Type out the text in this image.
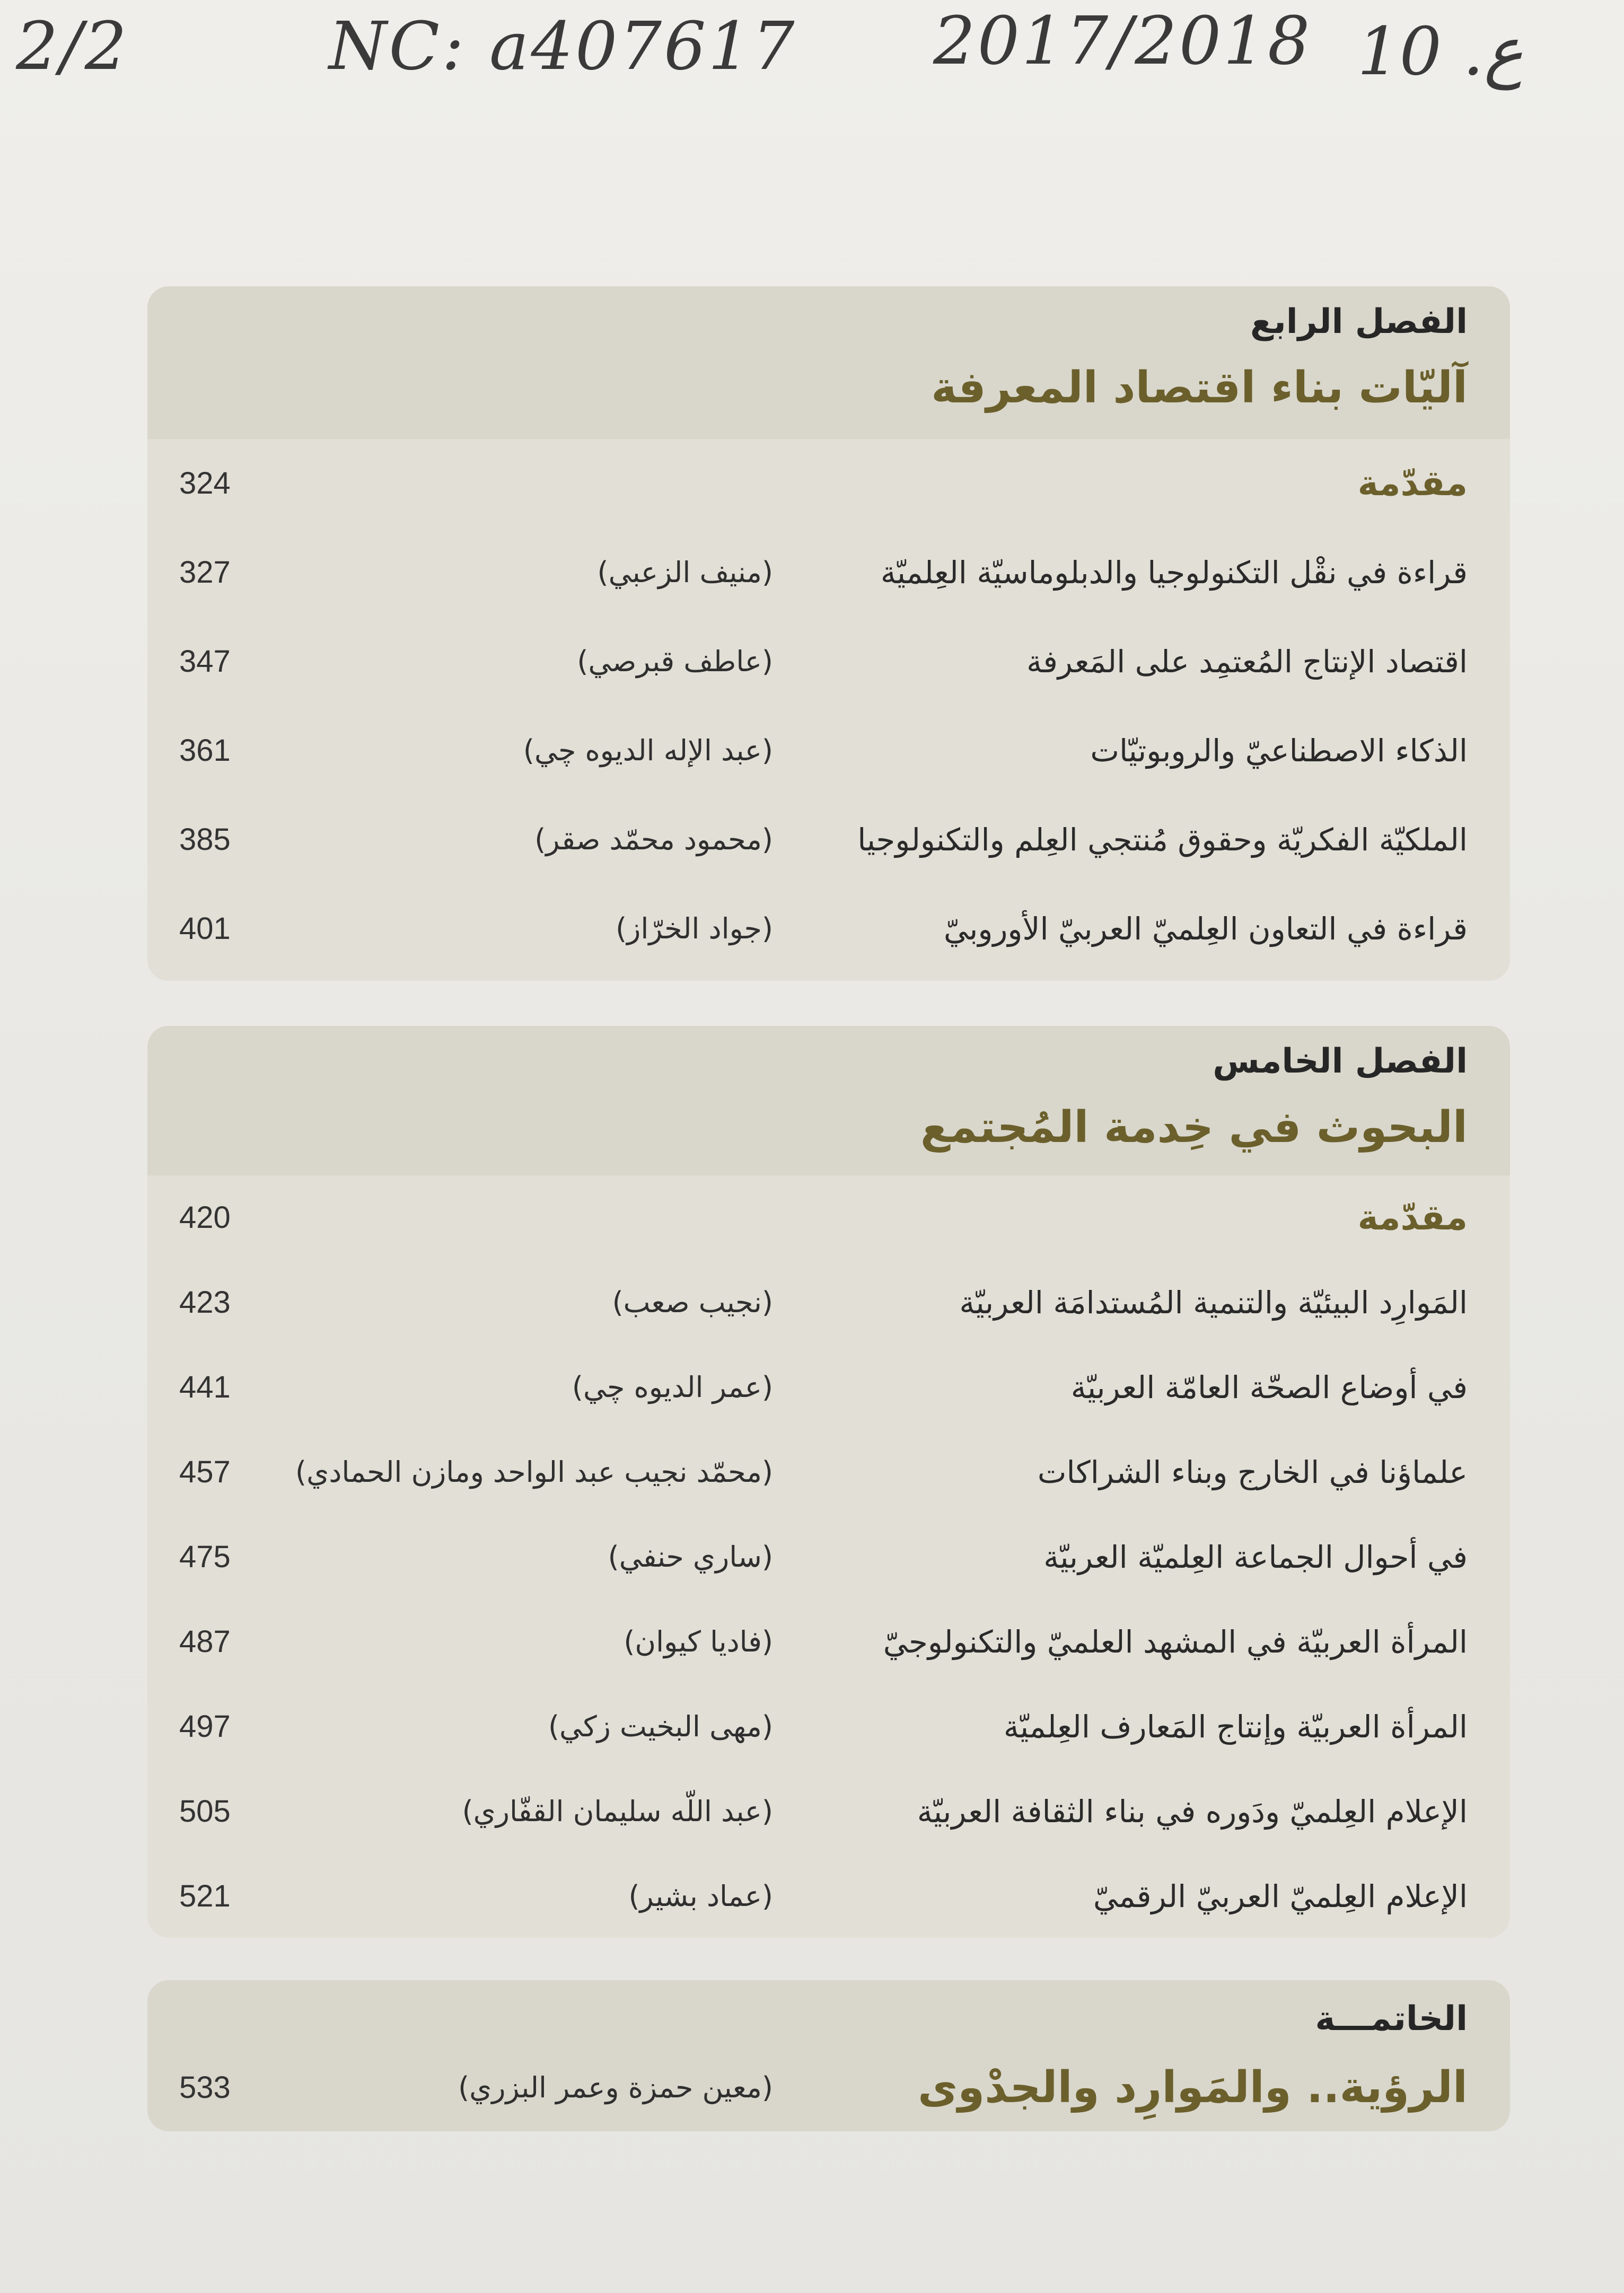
2/2	NC: a407617 2017/2018 ع. 10
الفصل الرابع
آليّات بناء اقتصاد المعرفة
مقدّمة
324
قراءة في نقْل التكنولوجيا والدبلوماسيّة العِلميّة
(منيف الزعبي)
327
اقتصاد الإنتاج المُعتمِد على المَعرفة
(عاطف قبرصي)
347
الذكاء الاصطناعيّ والروبوتيّات
(عبد الإله الديوه چي)
361
الملكيّة الفكريّة وحقوق مُنتجي العِلم والتكنولوجيا
(محمود محمّد صقر)
385
قراءة في التعاون العِلميّ العربيّ الأوروبيّ
(جواد الخرّاز)
401
الفصل الخامس
البحوث في خِدمة المُجتمع
مقدّمة
420
المَوارِد البيئيّة والتنمية المُستدامَة العربيّة
(نجيب صعب)
423
في أوضاع الصحّة العامّة العربيّة
(عمر الديوه چي)
441
علماؤنا في الخارج وبناء الشراكات
(محمّد نجيب عبد الواحد ومازن الحمادي)
457
في أحوال الجماعة العِلميّة العربيّة
(ساري حنفي)
475
المرأة العربيّة في المشهد العلميّ والتكنولوجيّ
(فاديا كيوان)
487
المرأة العربيّة وإنتاج المَعارف العِلميّة
(مهى البخيت زكي)
497
الإعلام العِلميّ ودَوره في بناء الثقافة العربيّة
(عبد اللّه سليمان القفّاري)
505
الإعلام العِلميّ العربيّ الرقميّ
(عماد بشير)
521
الخاتمـــة
الرؤية.. والمَوارِد والجدْوى
(معين حمزة وعمر البزري)
533
